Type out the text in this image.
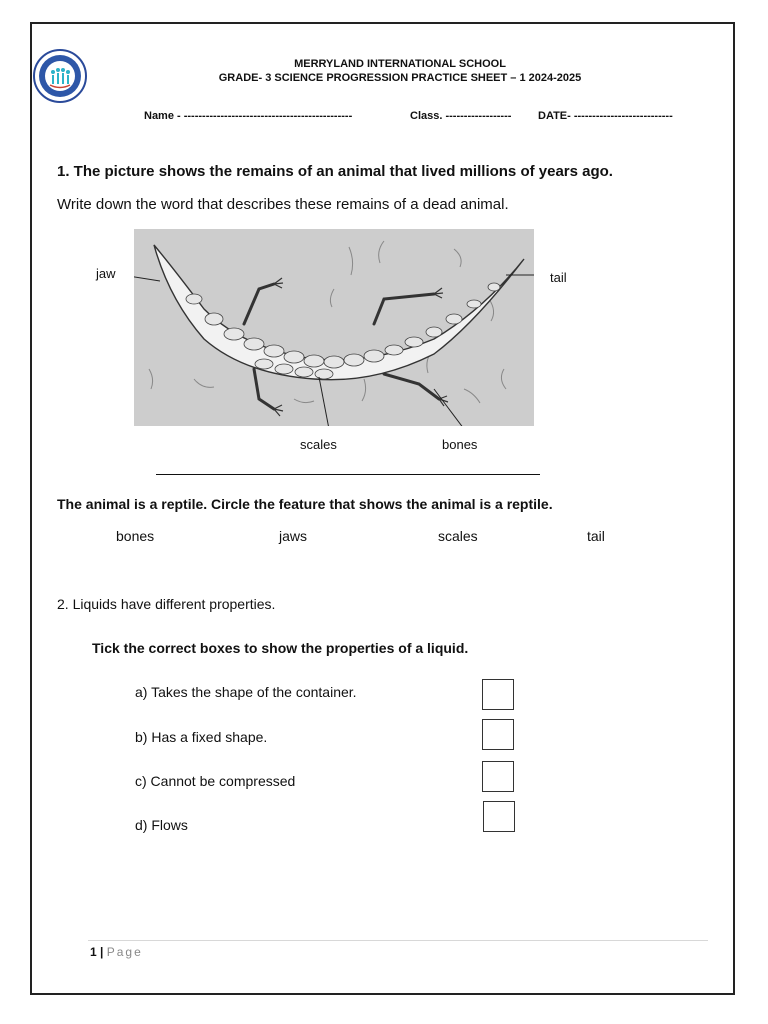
MERRYLAND INTERNATIONAL SCHOOL
GRADE- 3 SCIENCE PROGRESSION PRACTICE SHEET – 1 2024-2025
Name - ----------------------------------------------	Class. ------------------ DATE- ---------------------------
1. The picture shows the remains of an animal that lived millions of years ago.
Write down the word that describes these remains of a dead animal.
jaw	tail
scales	bones
The animal is a reptile. Circle the feature that shows the animal is a reptile.
bones	jaws	scales	tail
2. Liquids have different properties.
Tick the correct boxes to show the properties of a liquid.
a) Takes the shape of the container.
b) Has a fixed shape.
c) Cannot be compressed
d) Flows
1 | Page
